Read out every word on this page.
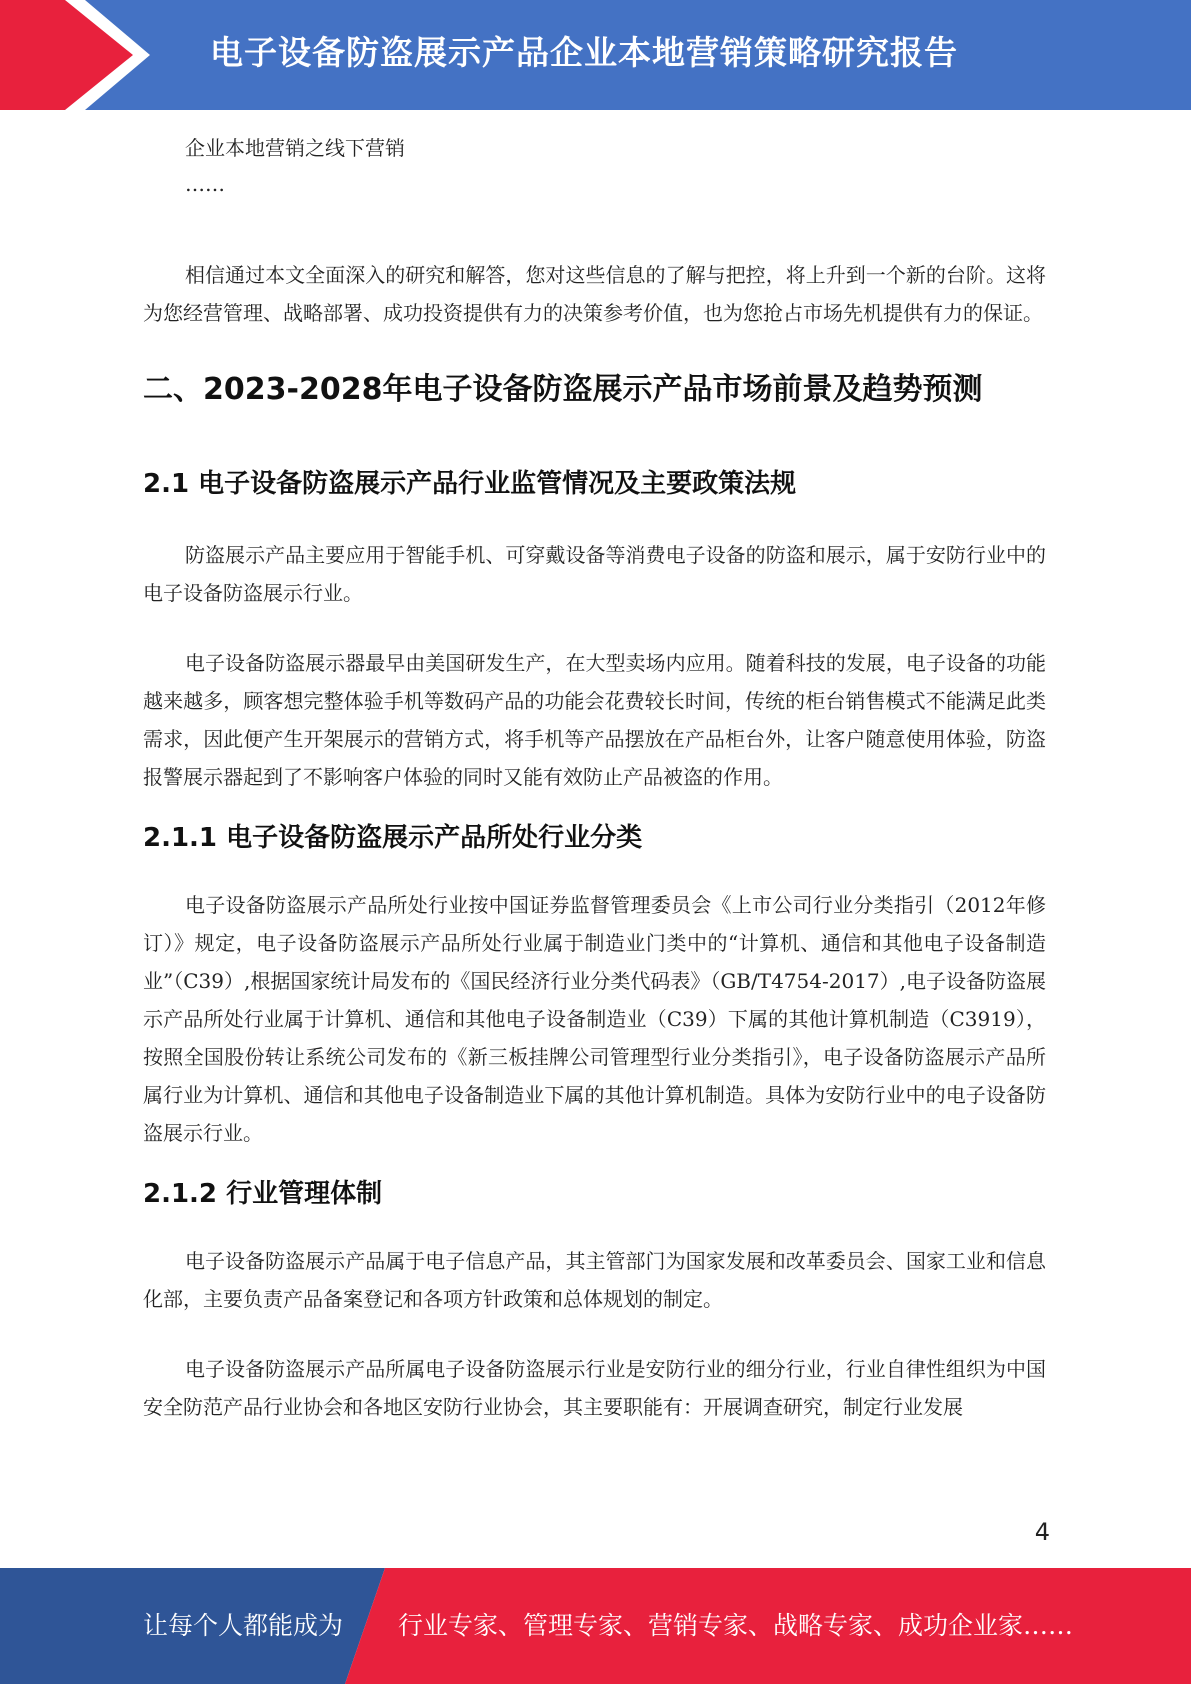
电子设备防盗展示产品企业本地营销策略研究报告

企业本地营销之线下营销

……

相信通过本文全面深入的研究和解答，您对这些信息的了解与把控，将上升到一个新的台阶。这将为您经营管理、战略部署、成功投资提供有力的决策参考价值，也为您抢占市场先机提供有力的保证。

二、2023-2028年电子设备防盗展示产品市场前景及趋势预测
2.1 电子设备防盗展示产品行业监管情况及主要政策法规

防盗展示产品主要应用于智能手机、可穿戴设备等消费电子设备的防盗和展示，属于安防行业中的电子设备防盗展示行业。

电子设备防盗展示器最早由美国研发生产，在大型卖场内应用。随着科技的发展，电子设备的功能越来越多，顾客想完整体验手机等数码产品的功能会花费较长时间，传统的柜台销售模式不能满足此类需求，因此便产生开架展示的营销方式，将手机等产品摆放在产品柜台外，让客户随意使用体验，防盗报警展示器起到了不影响客户体验的同时又能有效防止产品被盗的作用。

2.1.1 电子设备防盗展示产品所处行业分类

电子设备防盗展示产品所处行业按中国证券监督管理委员会《上市公司行业分类指引（2012年修订）》规定，电子设备防盗展示产品所处行业属于制造业门类中的“计算机、通信和其他电子设备制造业”（C39）,根据国家统计局发布的《国民经济行业分类代码表》（GB/T4754-2017）,电子设备防盗展示产品所处行业属于计算机、通信和其他电子设备制造业（C39）下属的其他计算机制造（C3919），按照全国股份转让系统公司发布的《新三板挂牌公司管理型行业分类指引》，电子设备防盗展示产品所属行业为计算机、通信和其他电子设备制造业下属的其他计算机制造。具体为安防行业中的电子设备防盗展示行业。

2.1.2 行业管理体制

电子设备防盗展示产品属于电子信息产品，其主管部门为国家发展和改革委员会、国家工业和信息化部，主要负责产品备案登记和各项方针政策和总体规划的制定。

电子设备防盗展示产品所属电子设备防盗展示行业是安防行业的细分行业，行业自律性组织为中国安全防范产品行业协会和各地区安防行业协会，其主要职能有：开展调查研究，制定行业发展

4
让每个人都能成为 行业专家、管理专家、营销专家、战略专家、成功企业家……
